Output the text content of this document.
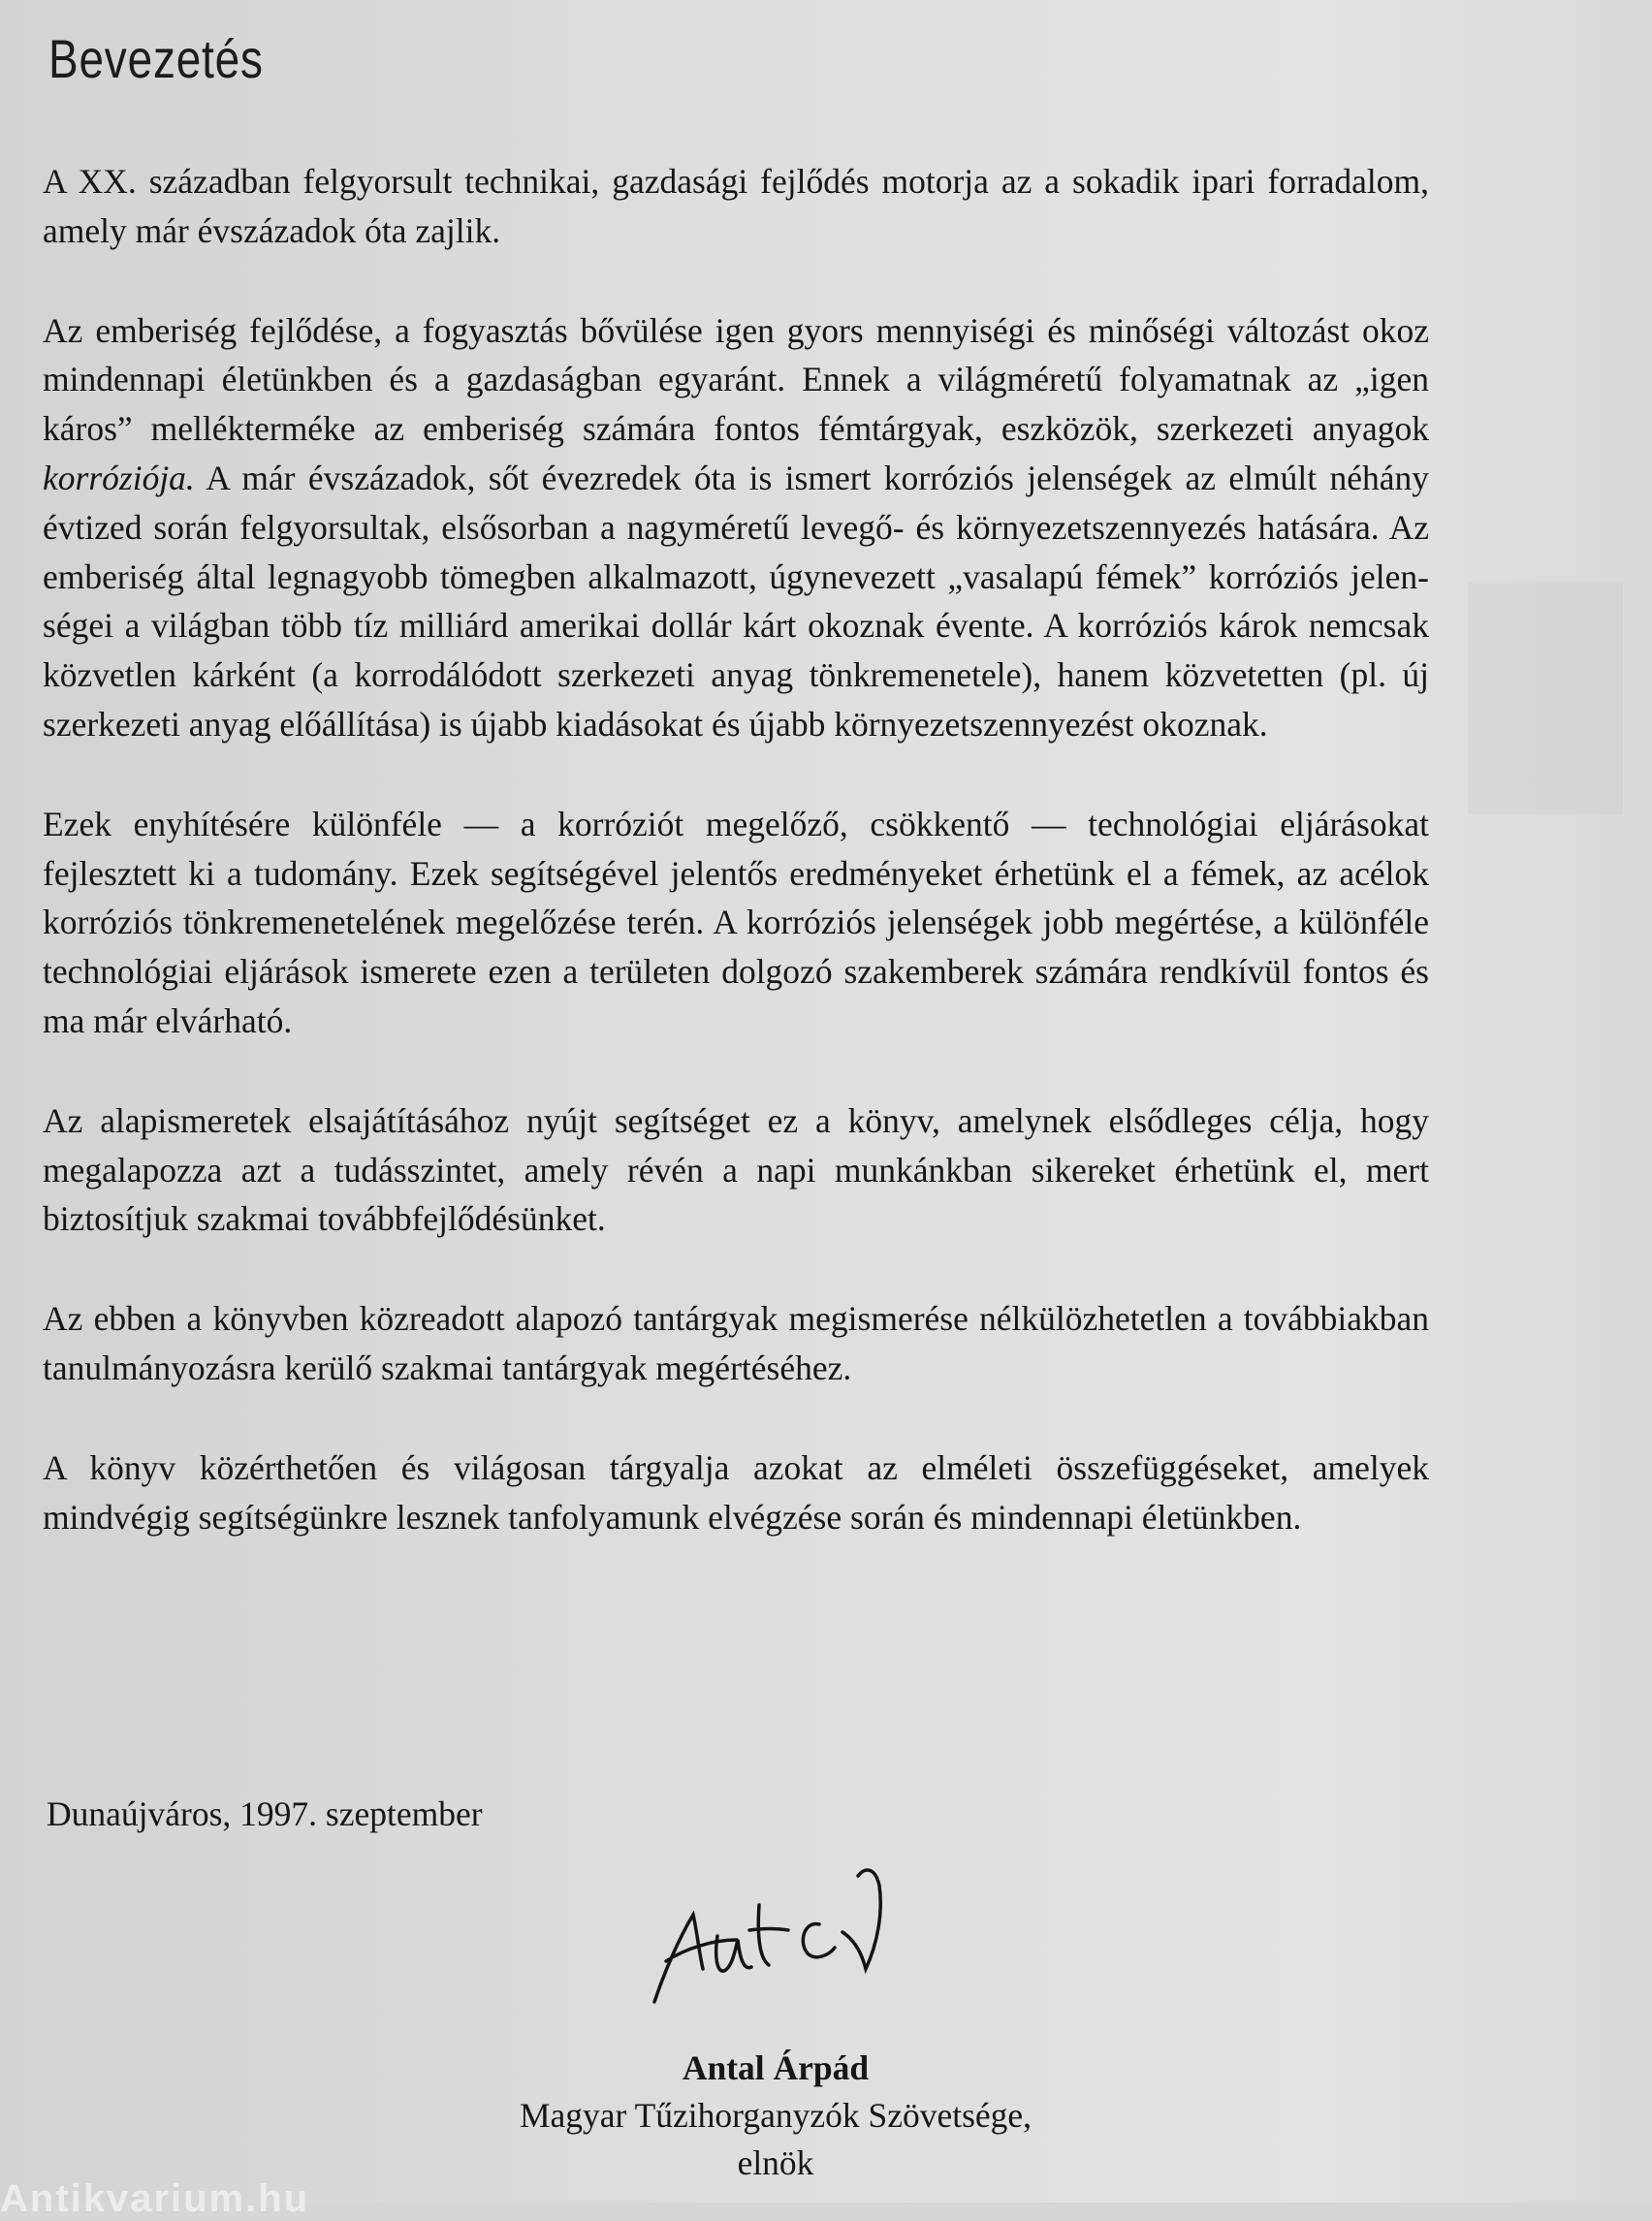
Bevezetés

A XX. században felgyorsult technikai, gazdasági fejlődés motorja az a sokadik ipari forradalom, amely már évszázadok óta zajlik.

Az emberiség fejlődése, a fogyasztás bővülése igen gyors mennyiségi és minőségi változást okoz mindennapi életünkben és a gazdaságban egyaránt. Ennek a világméretű folyamatnak az „igen káros” mellékterméke az emberiség számára fontos fémtárgyak, eszközök, szerkezeti anyagok korróziója. A már évszázadok, sőt évezredek óta is ismert korróziós jelenségek az elmúlt néhány évtized során felgyorsultak, elsősorban a nagyméretű levegő- és környezetszennyezés hatására. Az emberiség által legnagyobb tömegben alkalmazott, úgynevezett „vasalapú fémek” korróziós jelenségei a világban több tíz milliárd amerikai dollár kárt okoznak évente. A korróziós károk nemcsak közvetlen kárként (a korrodálódott szerkezeti anyag tönkremenetele), hanem közvetetten (pl. új szerkezeti anyag előállítása) is újabb kiadásokat és újabb környezetszennyezést okoznak.

Ezek enyhítésére különféle — a korróziót megelőző, csökkentő — technológiai eljárásokat fejlesztett ki a tudomány. Ezek segítségével jelentős eredményeket érhetünk el a fémek, az acélok korróziós tönkremenetelének megelőzése terén. A korróziós jelenségek jobb megértése, a különféle technológiai eljárások ismerete ezen a területen dolgozó szakemberek számára rendkívül fontos és ma már elvárható.

Az alapismeretek elsajátításához nyújt segítséget ez a könyv, amelynek elsődleges célja, hogy megalapozza azt a tudásszintet, amely révén a napi munkánkban sikereket érhetünk el, mert biztosítjuk szakmai továbbfejlődésünket.

Az ebben a könyvben közreadott alapozó tantárgyak megismerése nélkülözhetetlen a továbbiakban tanulmányozásra kerülő szakmai tantárgyak megértéséhez.

A könyv közérthetően és világosan tárgyalja azokat az elméleti összefüggéseket, amelyek mindvégig segítségünkre lesznek tanfolyamunk elvégzése során és mindennapi életünkben.

Dunaújváros, 1997. szeptember
Antal Árpád
Magyar Tűzihorganyzók Szövetsége,
elnök
Antikvarium.hu
